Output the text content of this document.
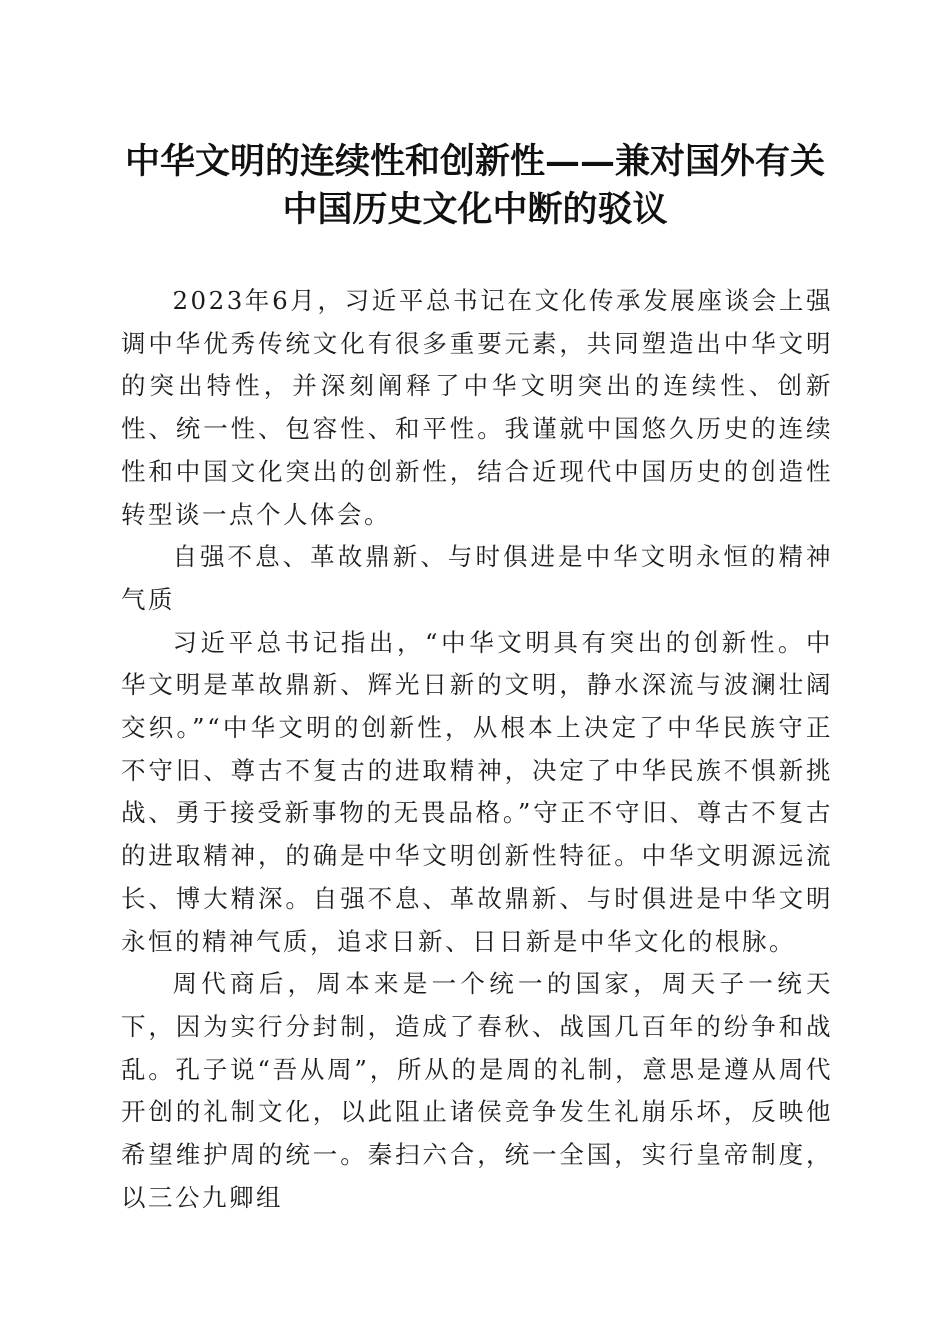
中华文明的连续性和创新性——兼对国外有关
中国历史文化中断的驳议

2023年6月，习近平总书记在文化传承发展座谈会上强调中华优秀传统文化有很多重要元素，共同塑造出中华文明的突出特性，并深刻阐释了中华文明突出的连续性、创新性、统一性、包容性、和平性。我谨就中国悠久历史的连续性和中国文化突出的创新性，结合近现代中国历史的创造性转型谈一点个人体会。

自强不息、革故鼎新、与时俱进是中华文明永恒的精神气质

习近平总书记指出，“中华文明具有突出的创新性。中华文明是革故鼎新、辉光日新的文明，静水深流与波澜壮阔交织。”“中华文明的创新性，从根本上决定了中华民族守正不守旧、尊古不复古的进取精神，决定了中华民族不惧新挑战、勇于接受新事物的无畏品格。”守正不守旧、尊古不复古的进取精神，的确是中华文明创新性特征。中华文明源远流长、博大精深。自强不息、革故鼎新、与时俱进是中华文明永恒的精神气质，追求日新、日日新是中华文化的根脉。

周代商后，周本来是一个统一的国家，周天子一统天下，因为实行分封制，造成了春秋、战国几百年的纷争和战乱。孔子说“吾从周”，所从的是周的礼制，意思是遵从周代开创的礼制文化，以此阻止诸侯竞争发生礼崩乐坏，反映他希望维护周的统一。秦扫六合，统一全国，实行皇帝制度，以三公九卿组
